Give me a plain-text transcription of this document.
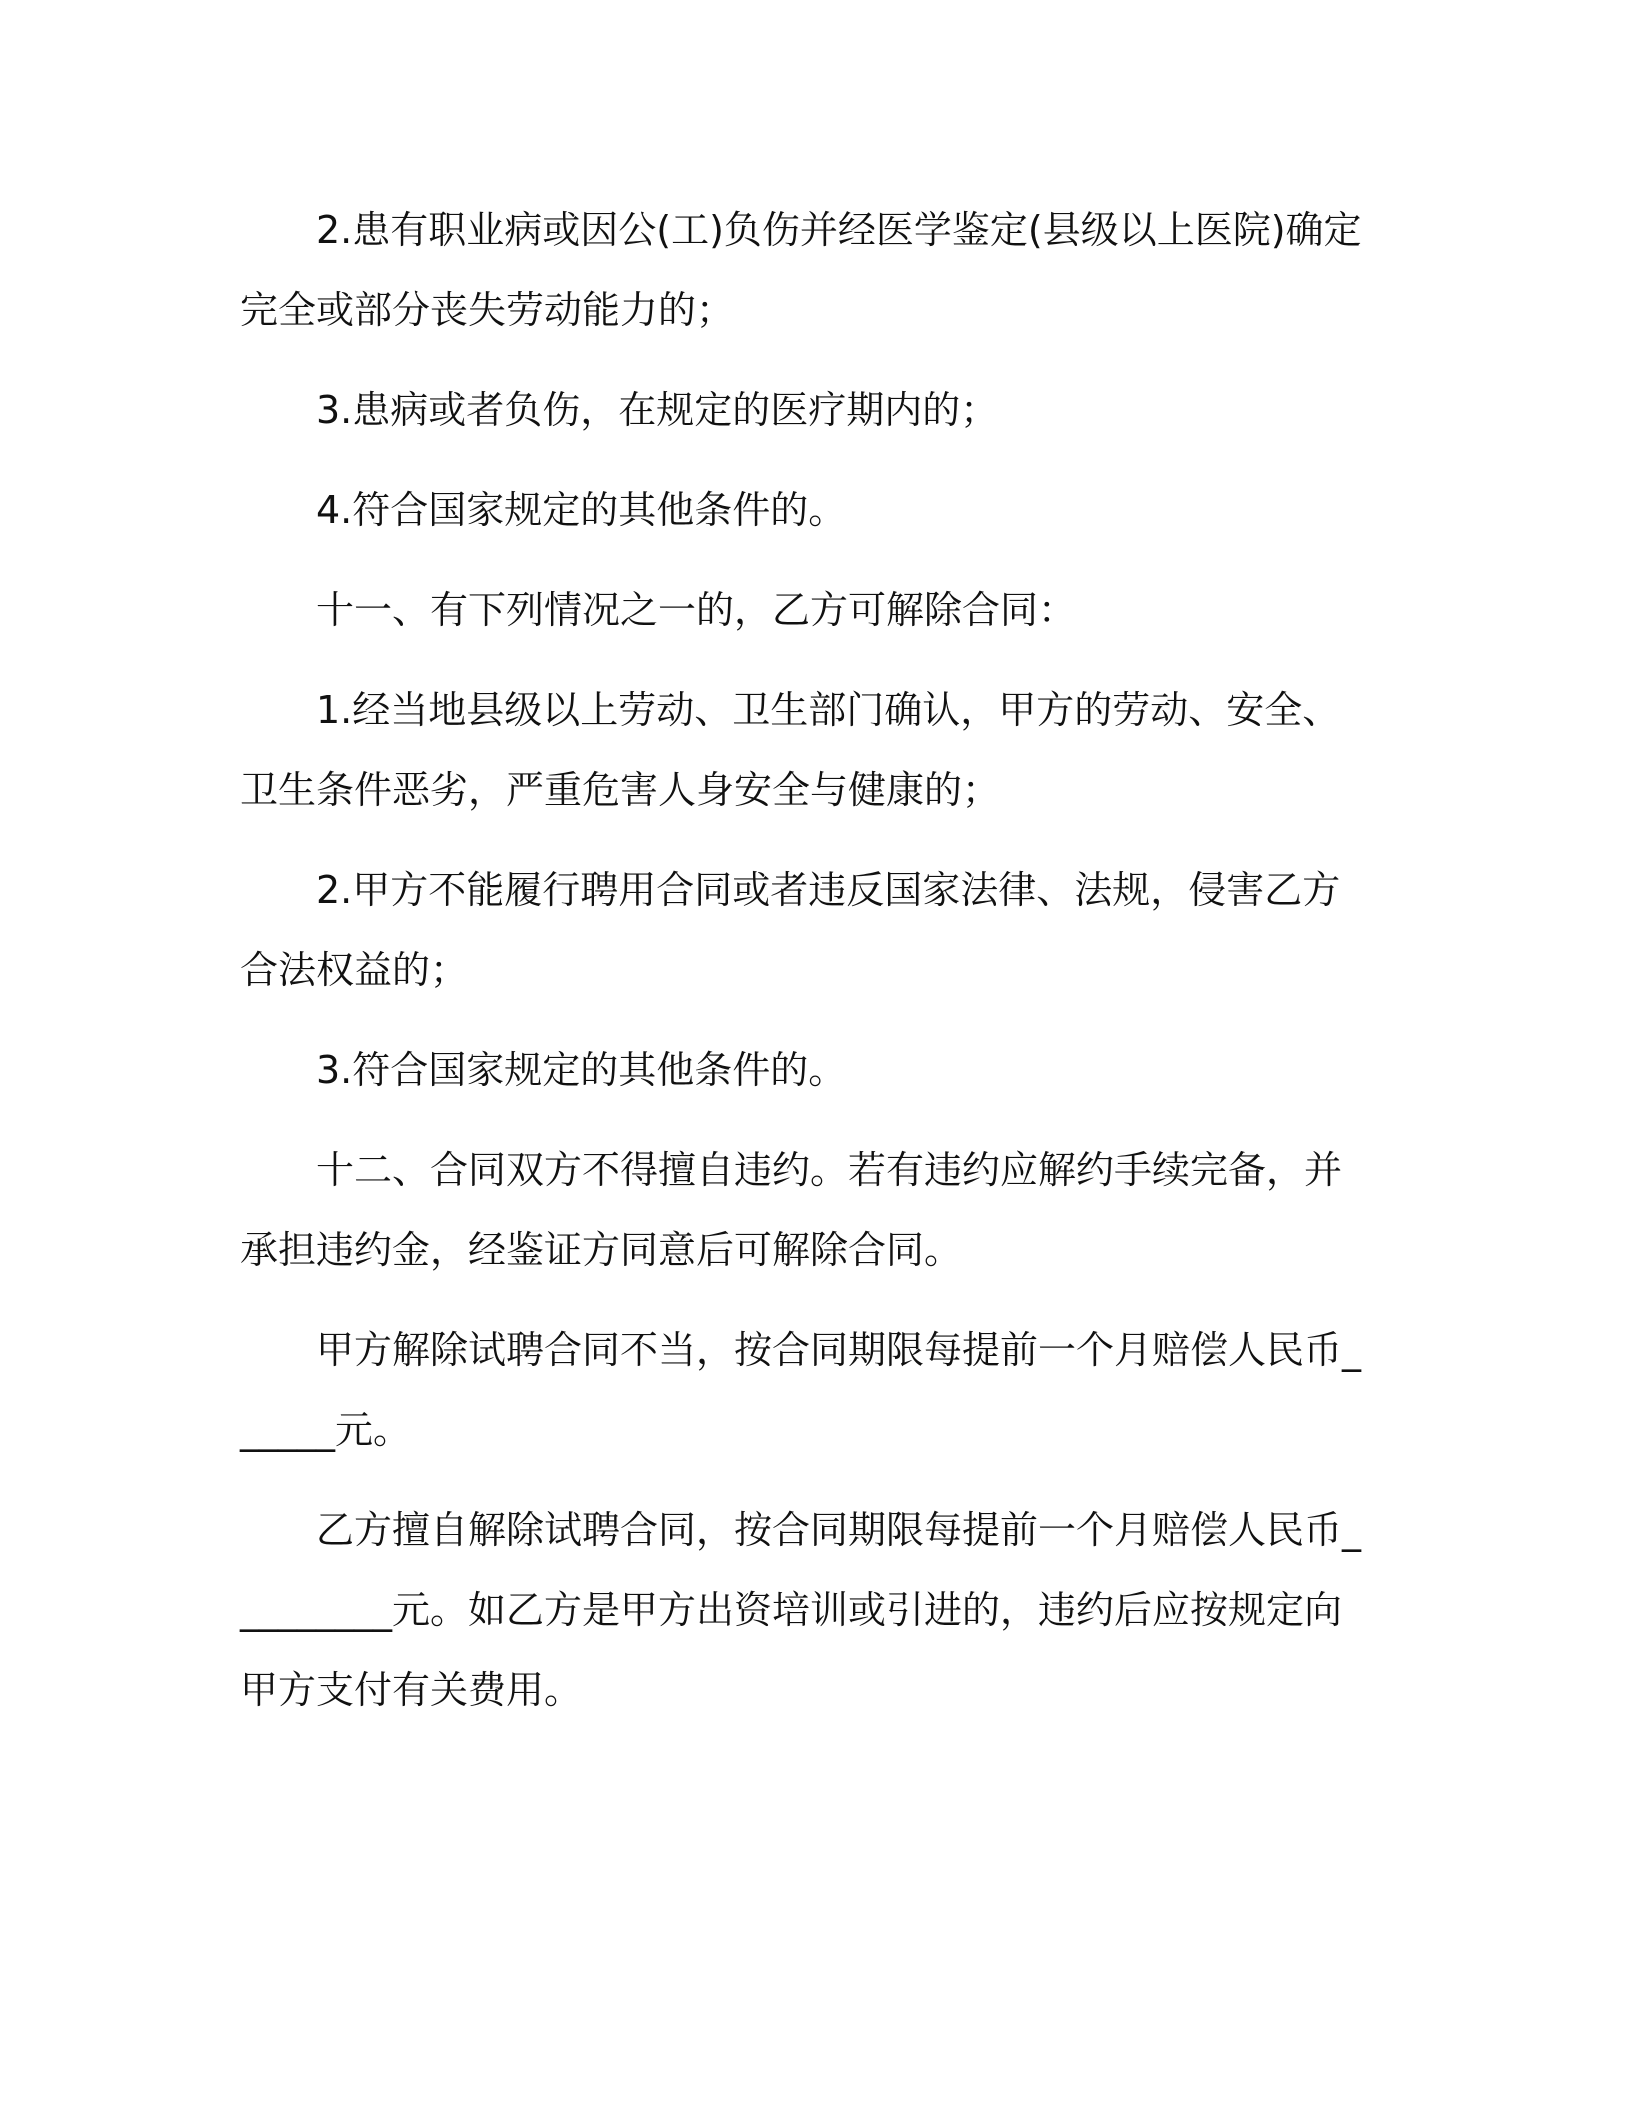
2.患有职业病或因公(工)负伤并经医学鉴定(县级以上医院)确定完全或部分丧失劳动能力的；

3.患病或者负伤，在规定的医疗期内的；

4.符合国家规定的其他条件的。

十一、有下列情况之一的，乙方可解除合同：

1.经当地县级以上劳动、卫生部门确认，甲方的劳动、安全、卫生条件恶劣，严重危害人身安全与健康的；

2.甲方不能履行聘用合同或者违反国家法律、法规，侵害乙方合法权益的；

3.符合国家规定的其他条件的。

十二、合同双方不得擅自违约。若有违约应解约手续完备，并承担违约金，经鉴证方同意后可解除合同。

甲方解除试聘合同不当，按合同期限每提前一个月赔偿人民币______元。

乙方擅自解除试聘合同，按合同期限每提前一个月赔偿人民币_________元。如乙方是甲方出资培训或引进的，违约后应按规定向甲方支付有关费用。
